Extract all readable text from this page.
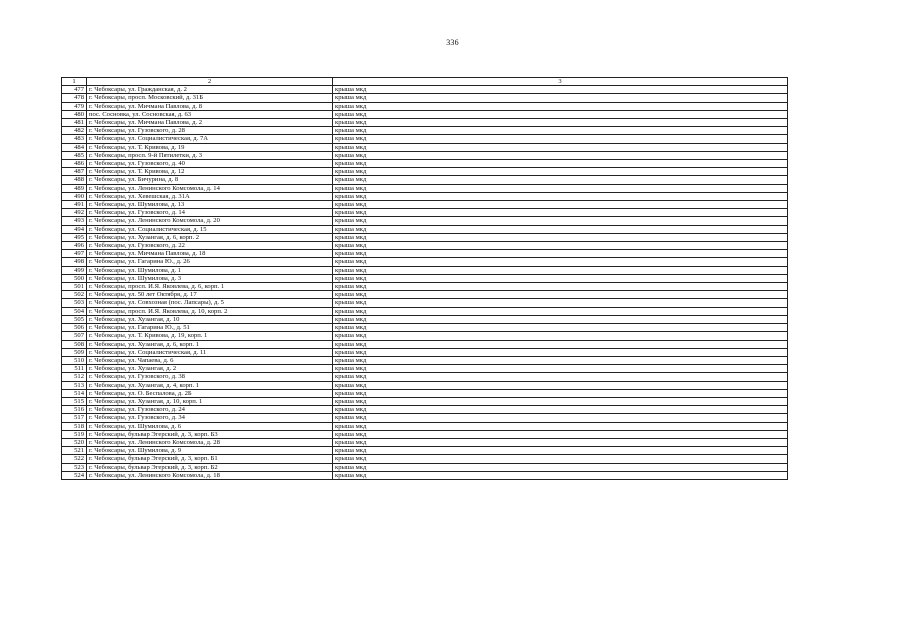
336
1	2	3
477	г. Чебоксары, ул. Гражданская, д. 2	крыша мкд
478	г. Чебоксары, просп. Московский, д. 31Б	крыша мкд
479	г. Чебоксары, ул. Мичмана Павлова, д. 8	крыша мкд
480	пос. Сосновка, ул. Сосновская, д. 63	крыша мкд
481	г. Чебоксары, ул. Мичмана Павлова, д. 2	крыша мкд
482	г. Чебоксары, ул. Гузовского, д. 28	крыша мкд
483	г. Чебоксары, ул. Социалистическая, д. 7А	крыша мкд
484	г. Чебоксары, ул. Т. Кривова, д. 19	крыша мкд
485	г. Чебоксары, просп. 9-й Пятилетки, д. 3	крыша мкд
486	г. Чебоксары, ул. Гузовского, д. 40	крыша мкд
487	г. Чебоксары, ул. Т. Кривова, д. 12	крыша мкд
488	г. Чебоксары, ул. Бичурина, д. 8	крыша мкд
489	г. Чебоксары, ул. Ленинского Комсомола, д. 14	крыша мкд
490	г. Чебоксары, ул. Хевешская, д. 31А	крыша мкд
491	г. Чебоксары, ул. Шумилова, д. 13	крыша мкд
492	г. Чебоксары, ул. Гузовского, д. 14	крыша мкд
493	г. Чебоксары, ул. Ленинского Комсомола, д. 20	крыша мкд
494	г. Чебоксары, ул. Социалистическая, д. 15	крыша мкд
495	г. Чебоксары, ул. Хузангая, д. 6, корп. 2	крыша мкд
496	г. Чебоксары, ул. Гузовского, д. 22	крыша мкд
497	г. Чебоксары, ул. Мичмана Павлова, д. 18	крыша мкд
498	г. Чебоксары, ул. Гагарина Ю., д. 26	крыша мкд
499	г. Чебоксары, ул. Шумилова, д. 1	крыша мкд
500	г. Чебоксары, ул. Шумилова, д. 3	крыша мкд
501	г. Чебоксары, просп. И.Я. Яковлева, д. 6, корп. 1	крыша мкд
502	г. Чебоксары, ул. 50 лет Октября, д. 17	крыша мкд
503	г. Чебоксары, ул. Совхозная (пос. Лапсары), д. 5	крыша мкд
504	г. Чебоксары, просп. И.Я. Яковлева, д. 10, корп. 2	крыша мкд
505	г. Чебоксары, ул. Хузангая, д. 10	крыша мкд
506	г. Чебоксары, ул. Гагарина Ю., д. 51	крыша мкд
507	г. Чебоксары, ул. Т. Кривова, д. 19, корп. 1	крыша мкд
508	г. Чебоксары, ул. Хузангая, д. 6, корп. 1	крыша мкд
509	г. Чебоксары, ул. Социалистическая, д. 11	крыша мкд
510	г. Чебоксары, ул. Чапаева, д. 6	крыша мкд
511	г. Чебоксары, ул. Хузангая, д. 2	крыша мкд
512	г. Чебоксары, ул. Гузовского, д. 38	крыша мкд
513	г. Чебоксары, ул. Хузангая, д. 4, корп. 1	крыша мкд
514	г. Чебоксары, ул. О. Беспалова, д. 2Б	крыша мкд
515	г. Чебоксары, ул. Хузангая, д. 10, корп. 1	крыша мкд
516	г. Чебоксары, ул. Гузовского, д. 24	крыша мкд
517	г. Чебоксары, ул. Гузовского, д. 34	крыша мкд
518	г. Чебоксары, ул. Шумилова, д. 6	крыша мкд
519	г. Чебоксары, бульвар Эгерский, д. 3, корп. Б3	крыша мкд
520	г. Чебоксары, ул. Ленинского Комсомола, д. 28	крыша мкд
521	г. Чебоксары, ул. Шумилова, д. 9	крыша мкд
522	г. Чебоксары, бульвар Эгерский, д. 3, корп. Б1	крыша мкд
523	г. Чебоксары, бульвар Эгерский, д. 3, корп. Б2	крыша мкд
524	г. Чебоксары, ул. Ленинского Комсомола, д. 18	крыша мкд
